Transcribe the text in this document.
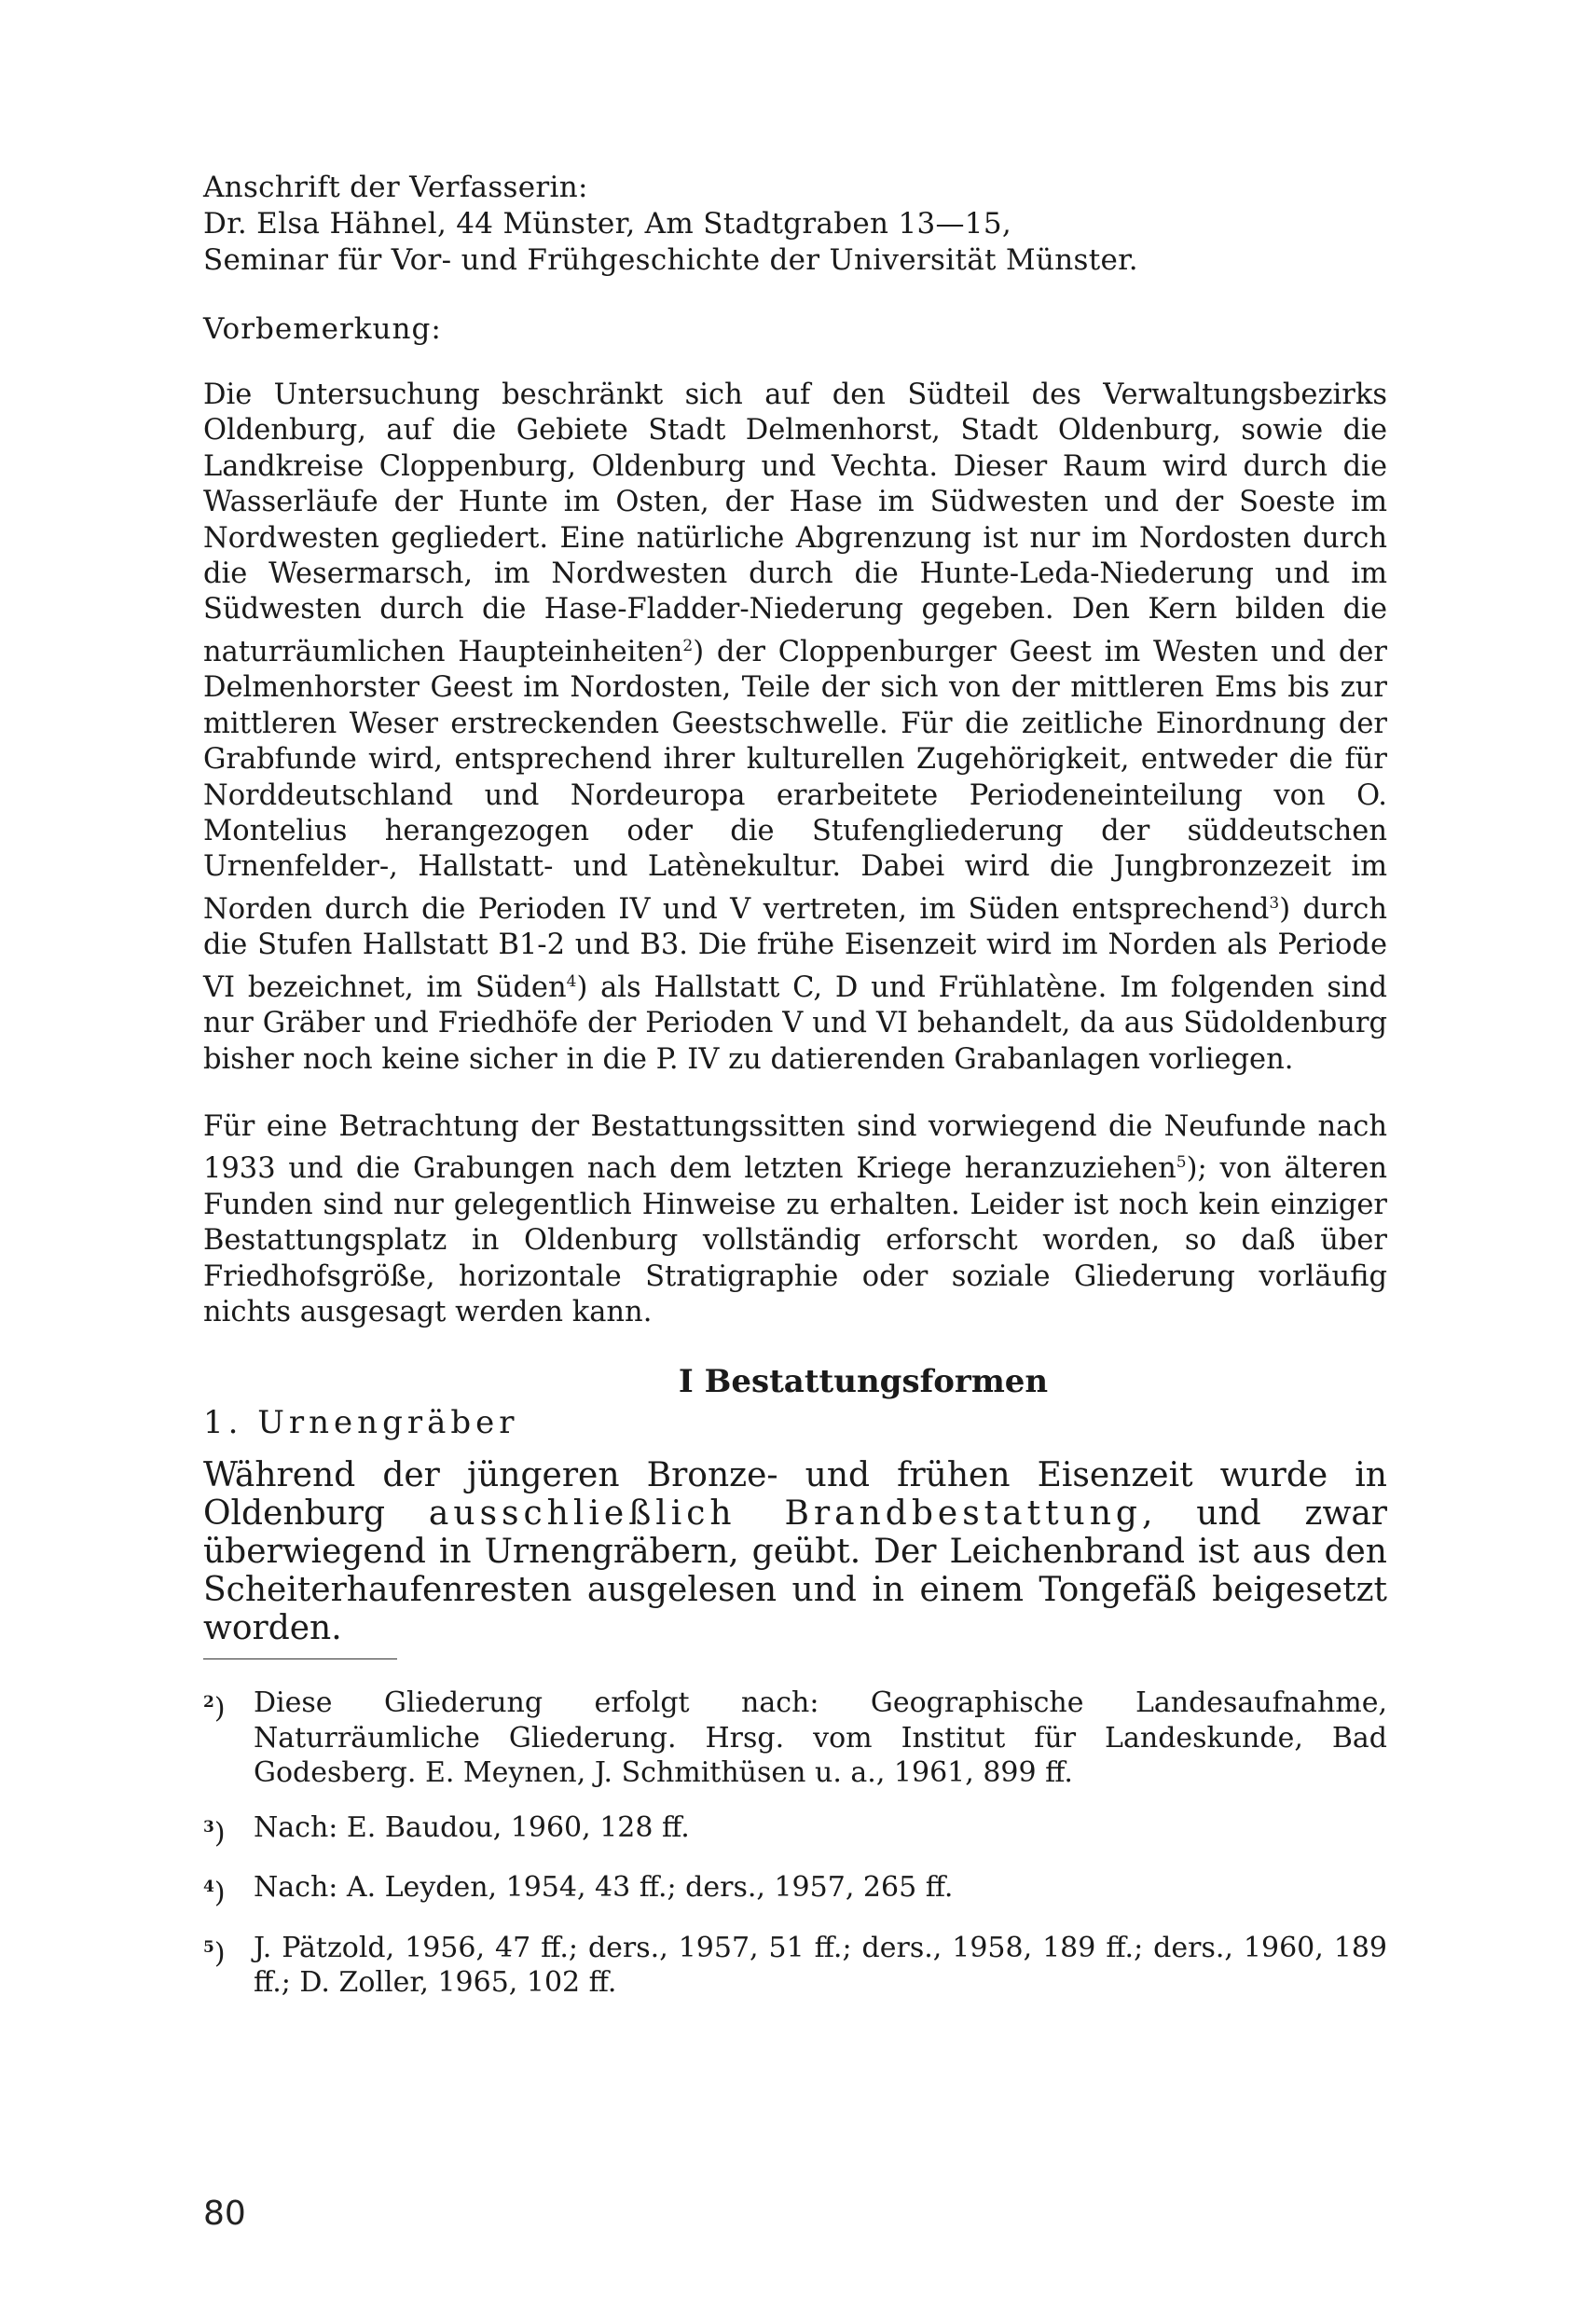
Anschrift der Verfasserin:
Dr. Elsa Hähnel, 44 Münster, Am Stadtgraben 13—15,
Seminar für Vor- und Frühgeschichte der Universität Münster.
Vorbemerkung:
Die Untersuchung beschränkt sich auf den Südteil des Verwaltungsbezirks Oldenburg, auf die Gebiete Stadt Delmenhorst, Stadt Oldenburg, sowie die Landkreise Cloppenburg, Oldenburg und Vechta. Dieser Raum wird durch die Wasserläufe der Hunte im Osten, der Hase im Südwesten und der Soeste im Nordwesten gegliedert. Eine natürliche Abgrenzung ist nur im Nordosten durch die Wesermarsch, im Nordwesten durch die Hunte-Leda-Niederung und im Südwesten durch die Hase-Fladder-Niederung gegeben. Den Kern bilden die naturräumlichen Haupteinheiten$^2$) der Cloppenburger Geest im Westen und der Delmenhorster Geest im Nordosten, Teile der sich von der mittleren Ems bis zur mittleren Weser erstreckenden Geestschwelle. Für die zeitliche Einordnung der Grabfunde wird, entsprechend ihrer kulturellen Zugehörigkeit, entweder die für Norddeutschland und Nordeuropa erarbeitete Periodeneinteilung von O. Montelius herangezogen oder die Stufengliederung der süddeutschen Urnenfelder-, Hallstatt- und Latènekultur. Dabei wird die Jungbronzezeit im Norden durch die Perioden IV und V vertreten, im Süden entsprechend$^3$) durch die Stufen Hallstatt B1-2 und B3. Die frühe Eisenzeit wird im Norden als Periode VI bezeichnet, im Süden$^4$) als Hallstatt C, D und Frühlatène. Im folgenden sind nur Gräber und Friedhöfe der Perioden V und VI behandelt, da aus Südoldenburg bisher noch keine sicher in die P. IV zu datierenden Grabanlagen vorliegen.
Für eine Betrachtung der Bestattungssitten sind vorwiegend die Neufunde nach 1933 und die Grabungen nach dem letzten Kriege heranzuziehen$^5$); von älteren Funden sind nur gelegentlich Hinweise zu erhalten. Leider ist noch kein einziger Bestattungsplatz in Oldenburg vollständig erforscht worden, so daß über Friedhofsgröße, horizontale Stratigraphie oder soziale Gliederung vorläufig nichts ausgesagt werden kann.
I Bestattungsformen
1. Urnengräber
Während der jüngeren Bronze- und frühen Eisenzeit wurde in Oldenburg ausschließlich Brandbestattung, und zwar überwiegend in Urnengräbern, geübt. Der Leichenbrand ist aus den Scheiterhaufenresten ausgelesen und in einem Tongefäß beigesetzt worden.
$^2$)	Diese Gliederung erfolgt nach: Geographische Landesaufnahme, Naturräumliche Gliederung. Hrsg. vom Institut für Landeskunde, Bad Godesberg. E. Meynen, J. Schmithüsen u. a., 1961, 899 ff.
$^3$)	Nach: E. Baudou, 1960, 128 ff.
$^4$)	Nach: A. Leyden, 1954, 43 ff.; ders., 1957, 265 ff.
$^5$)	J. Pätzold, 1956, 47 ff.; ders., 1957, 51 ff.; ders., 1958, 189 ff.; ders., 1960, 189 ff.; D. Zoller, 1965, 102 ff.
80
